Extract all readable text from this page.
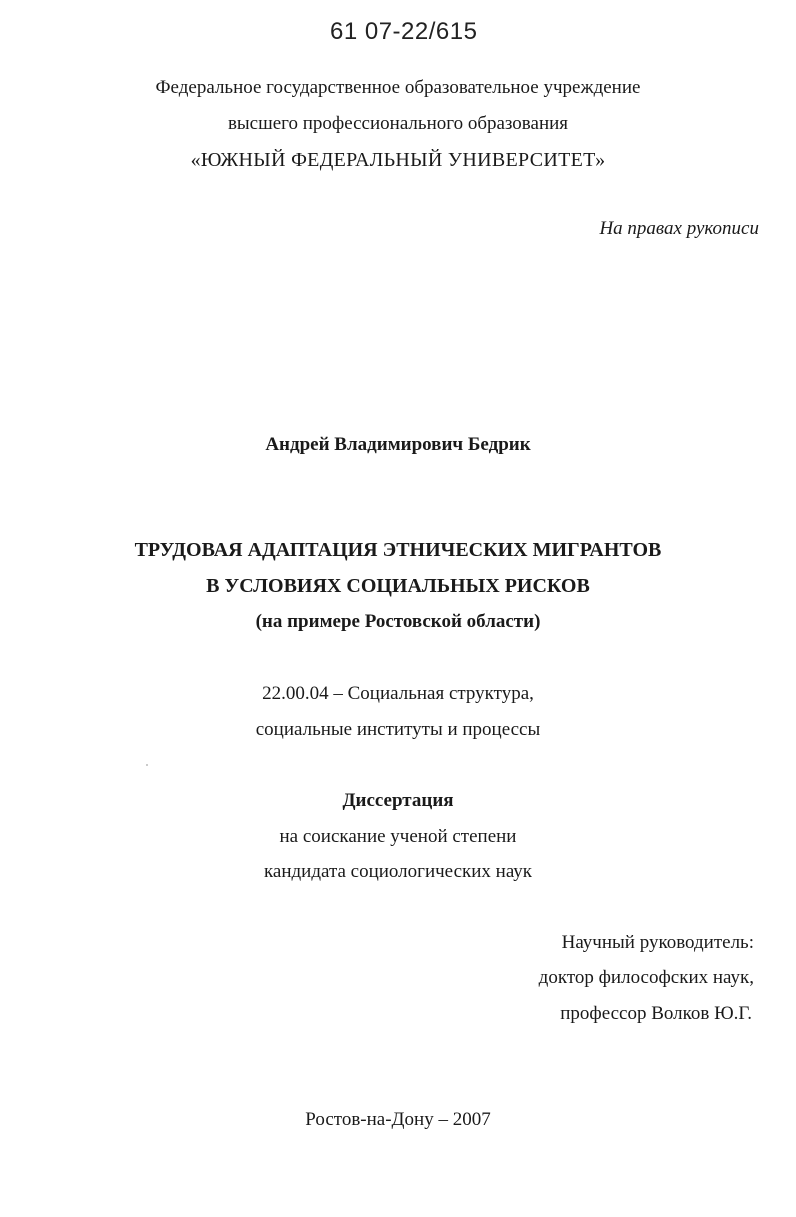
61 07-22/615
Федеральное государственное образовательное учреждение
высшего профессионального образования
«ЮЖНЫЙ ФЕДЕРАЛЬНЫЙ УНИВЕРСИТЕТ»
На правах рукописи
Андрей Владимирович Бедрик
ТРУДОВАЯ АДАПТАЦИЯ ЭТНИЧЕСКИХ МИГРАНТОВ
В УСЛОВИЯХ СОЦИАЛЬНЫХ РИСКОВ
(на примере Ростовской области)
22.00.04 – Социальная структура,
социальные институты и процессы
Диссертация
на соискание ученой степени
кандидата социологических наук
Научный руководитель:
доктор философских наук,
профессор Волков Ю.Г.
Ростов-на-Дону – 2007
